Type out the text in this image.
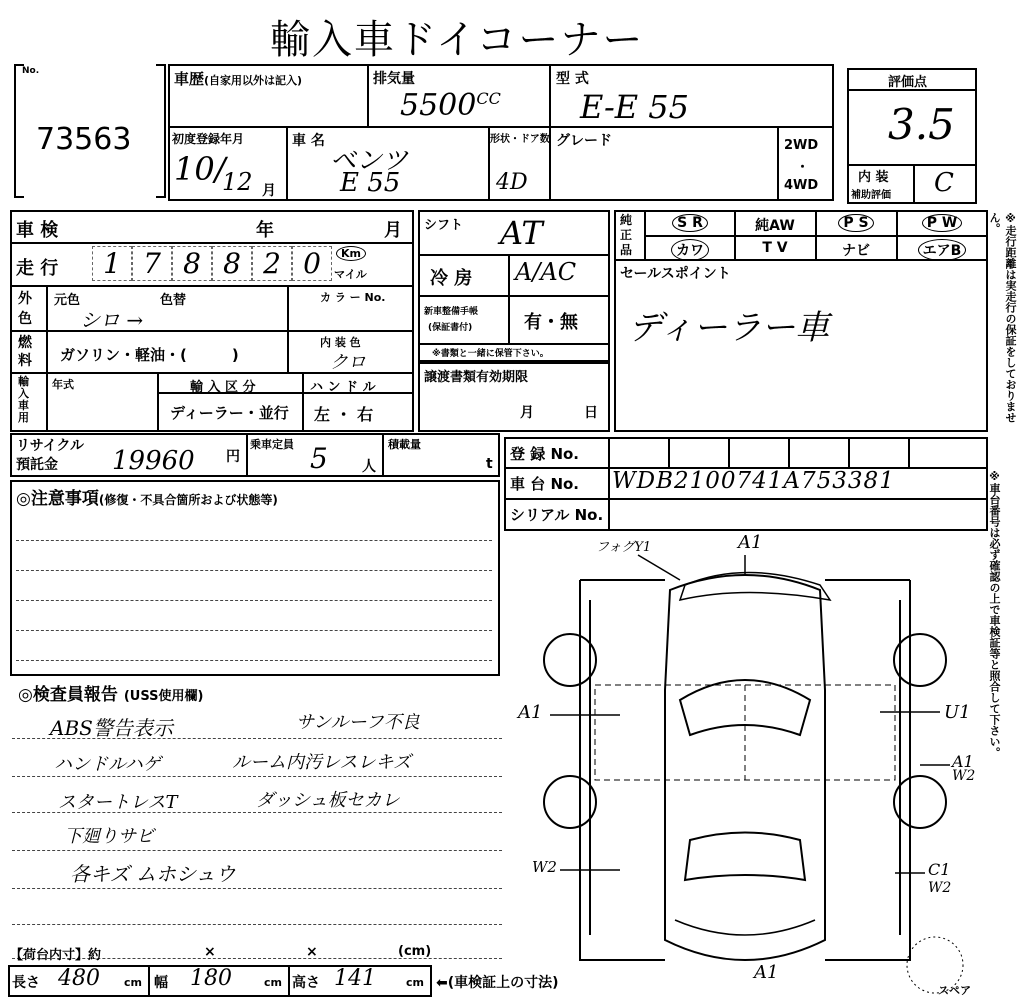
輸入車ドイコーナー
No.
73563
車歴(自家用以外は記入)	排気量
$5500^{CC}$
型 式
E-E 55
初度登録年月
10/
12 月
車 名
ベンツ
E 55
形状・ドア数
4D
グレード	2WD
・
4WD
評価点
3.5
内 装
補助評価 C
車 検	年	月
走 行	1 7 8 8 2 0	Km
マイル
外色
元色	色替
シロ →
カ ラ ー No.
燃料	ガソリン・軽油・(　　　)
内 装 色
クロ
輸入車用
年式	輸 入 区 分
ディーラー・並行
ハ ン ド ル
左 ・ 右
シフト AT
冷 房 A/AC
新車整備手帳
(保証書付)	有・無
※書類と一緒に保管下さい。
純正品
S R	純AW	P S	P W
カワ	T V	ナビ	エアB
セールスポイント
ディーラー車
譲渡書類有効期限
月	日
リサイクル
預託金 19960 円
乗車定員 5 人
積載量
t
登 録 No.
車 台 No. WDB2100741A753381
シリアル No.
◎注意事項(修復・不具合箇所および状態等)
◎検査員報告 (USS使用欄)
ABS警告表示	サンルーフ不良
ハンドルハゲ	ルーム内汚レスレキズ
スタートレスT	ダッシュ板セカレ
下廻りサビ
各キズ ムホシュウ
【荷台内寸】約	×	×	(cm)
長さ 480 cm 幅 180	cm 高さ 141	cm ⬅(車検証上の寸法)
フォグY1	A1
A1	U1
A1
W2
W2	C1
W2
A1
スペア
※走行距離は実走行の保証をしておりません。
※車台番号は必ず確認の上で車検証等と照合して下さい。
